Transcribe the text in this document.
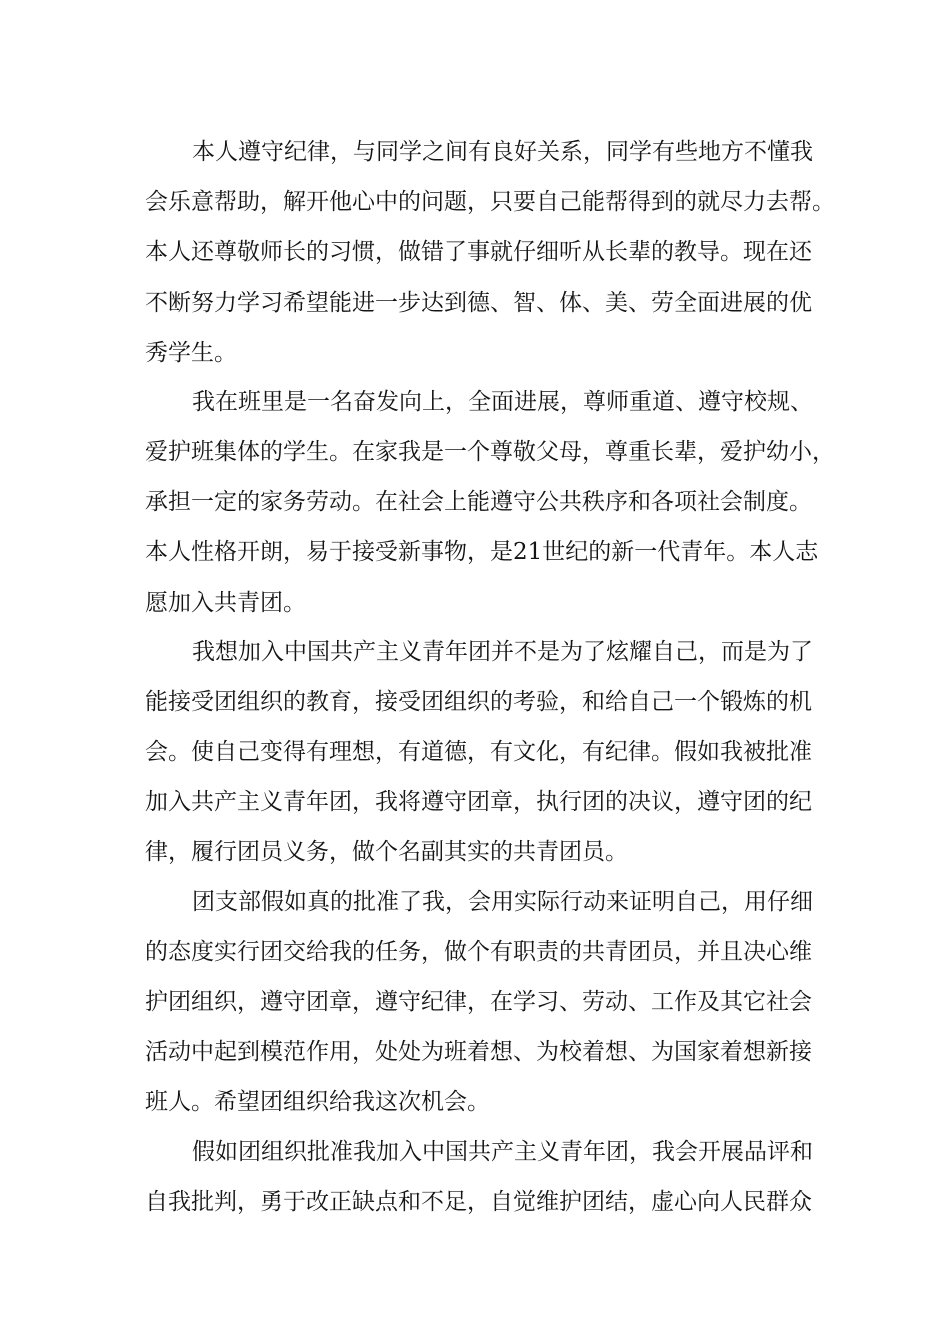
本人遵守纪律，与同学之间有良好关系，同学有些地方不懂我
会乐意帮助，解开他心中的问题，只要自己能帮得到的就尽力去帮。
本人还尊敬师长的习惯，做错了事就仔细听从长辈的教导。现在还
不断努力学习希望能进一步达到德、智、体、美、劳全面进展的优
秀学生。
我在班里是一名奋发向上，全面进展，尊师重道、遵守校规、
爱护班集体的学生。在家我是一个尊敬父母，尊重长辈，爱护幼小，
承担一定的家务劳动。在社会上能遵守公共秩序和各项社会制度。
本人性格开朗，易于接受新事物，是21世纪的新一代青年。本人志
愿加入共青团。
我想加入中国共产主义青年团并不是为了炫耀自己，而是为了
能接受团组织的教育，接受团组织的考验，和给自己一个锻炼的机
会。使自己变得有理想，有道德，有文化，有纪律。假如我被批准
加入共产主义青年团，我将遵守团章，执行团的决议，遵守团的纪
律，履行团员义务，做个名副其实的共青团员。
团支部假如真的批准了我，会用实际行动来证明自己，用仔细
的态度实行团交给我的任务，做个有职责的共青团员，并且决心维
护团组织，遵守团章，遵守纪律，在学习、劳动、工作及其它社会
活动中起到模范作用，处处为班着想、为校着想、为国家着想新接
班人。希望团组织给我这次机会。
假如团组织批准我加入中国共产主义青年团，我会开展品评和
自我批判，勇于改正缺点和不足，自觉维护团结，虚心向人民群众
